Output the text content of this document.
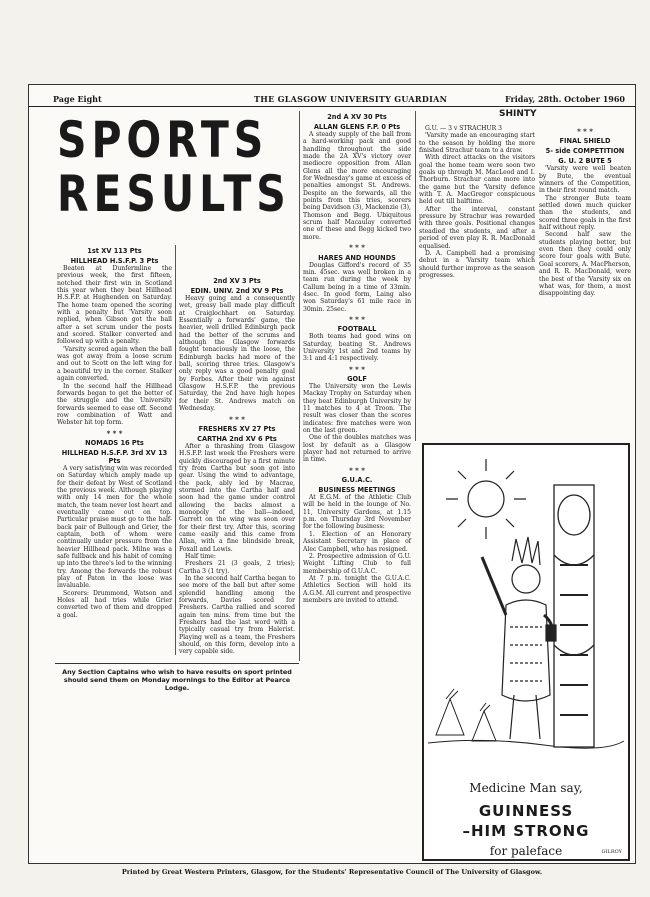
Page Eight	THE GLASGOW UNIVERSITY GUARDIAN	Friday, 28th. October 1960
SPORTS
RESULTS

1st XV 113 Pts

HILLHEAD H.S.F.P. 3 Pts

Beaten at Dunfermline the previous week, the first fifteen, notched their first win in Scotland this year when they beat Hillhead H.S.F.P. at Hughenden on Saturday. The home team opened the scoring with a penalty but 'Varsity soon replied, when Gibson got the ball after a set scrum under the posts and scored. Stalker converted and followed up with a penalty.

'Varsity scored again when the ball was got away from a loose scrum and out to Scott on the left wing for a beautiful try in the corner. Stalker again converted.

In the second half the Hillhead forwards began to get the better of the struggle and the University forwards seemed to ease off. Second row combination of Watt and Webster hit top form.

* * *

NOMADS 16 Pts

HILLHEAD H.S.F.P. 3rd XV 13 Pts

A very satisfying win was recorded on Saturday which amply made up for their defeat by West of Scotland the previous week. Although playing with only 14 men for the whole match, the team never lost heart and eventually came out on top. Particular praise must go to the half-back pair of Bullough and Grier, the captain, both of whom were continually under pressure from the heavier Hillhead pack. Milne was a safe fullback and his habit of coming up into the three's led to the winning try. Among the forwards the robust play of Paton in the loose was invaluable.

Scorers: Drummond, Watson and Holes all had tries while Grier converted two of them and dropped a goal.

2nd XV 3 Pts

EDIN. UNIV. 2nd XV 9 Pts

Heavy going and a consequently wet, greasy ball made play difficult at Craiglochhart on Saturday. Essentially a forwards' game, the heavier, well drilled Edinburgh pack had the better of the scrums and although the Glasgow forwards fought tenaciously in the loose, the Edinburgh backs had more of the ball, scoring three tries. Glasgow's only reply was a good penalty goal by Forbes. After their win against Glasgow H.S.F.P. the previous Saturday, the 2nd have high hopes for their St. Andrews match on Wednesday.

* * *

FRESHERS XV 27 Pts

CARTHA 2nd XV 6 Pts

After a thrashing from Glasgow H.S.F.P. last week the Freshers were quickly discouraged by a first minute try from Cartha but soon got into gear. Using the wind to advantage, the pack, ably led by Macrae, stormed into the Cartha half and soon had the game under control allowing the backs almost a monopoly of the ball—indeed, Garrett on the wing was soon over for their first try. After this, scoring came easily and this came from Allan, with a fine blindside break, Foxall and Lewis.

Half time:

Freshers 21 (3 goals, 2 tries); Cartha 3 (1 try).

In the second half Cartha began to see more of the ball but after some splendid handling among the forwards, Davies scored for Freshers. Cartha rallied and scored again ten mins. from time but the Freshers had the last word with a typically casual try from Halerist. Playing well as a team, the Freshers should, on this form, develop into a very capable side.

2nd A XV 30 Pts

ALLAN GLENS F.P. 0 Pts

A steady supply of the ball from a hard-working pack and good handling throughout the side made the 2A XV's victory over mediocre opposition from Allan Glens all the more encouraging for Wednesday's game at excess of penalties amongst St. Andrews. Despite an the forwards, all the points from this tries, scorers being Davidson (3), Mackenzie (3), Thomson and Begg. Ubiquitous scrum half Macaulay converted one of these and Begg kicked two more.

* * *

HARES AND HOUNDS

Douglas Gifford's record of 35 min. 45sec. was well broken in a team run during the week by Callum being in a time of 33min. 4sec. In good form, Laing also won Saturday's 61 mile race in 30min. 25sec.

* * *

FOOTBALL

Both teams had good wins on Saturday, beating St. Andrews University 1st and 2nd teams by 3:1 and 4:1 respectively.

* * *

GOLF

The University won the Lewis Mackay Trophy on Saturday when they beat Edinburgh University by 11 matches to 4 at Troon. The result was closer than the scores indicates: five matches were won on the last green.

One of the doubles matches was lost by default as a Glasgow player had not returned to arrive in time.

* * *

G.U.A.C.

BUSINESS MEETINGS

At E.G.M. of the Athletic Club will be held in the lounge of No. 11, University Gardens, at 1.15 p.m. on Thursday 3rd November for the following business:

1. Election of an Honorary Assistant Secretary in place of Alec Campbell, who has resigned.

2. Prospective admission of G.U. Weight Lifting Club to full membership of G.U.A.C.

At 7 p.m. tonight the G.U.A.C. Athletics Section will hold its A.G.M. All current and prospective members are invited to attend.

SHINTY

G.U. — 3 v STRACHUR 3

'Varsity made an encouraging start to the season by holding the more finished Strachur team to a draw.

With direct attacks on the visitors goal the home team were soon two goals up through M. MacLeod and I. Thorburn. Strachur came more into the game but the 'Varsity defence with T. A. MacGregor conspicuous held out till halftime.

After the interval, constant pressure by Strachur was rewarded with three goals. Positional changes steadied the students, and after a period of even play R. R. MacDonald equalised.

D. A. Campbell had a promising debut in a 'Varsity team which should further improve as the season progresses.

* * *

FINAL SHIELD

5- side COMPETITION

G. U. 2 BUTE 5

'Varsity were well beaten by Bute, the eventual winners of the Competition, in their first round match.

The stronger Bute team settled down much quicker than the students, and scored three goals in the first half without reply.

Second half saw the students playing better, but even then they could only score four goals with Bute. Goal scorers, A. MacPherson, and R. R. MacDonald, were the best of the 'Varsity six on what was, for them, a most disappointing day.

Any Section Captains who wish to have results on sport printed should send them on Monday mornings to the Editor at Pearce Lodge.
Medicine Man say,
GUINNESS
–HIM STRONG
for paleface	GILROY
Printed by Great Western Printers, Glasgow, for the Students' Representative Council of The University of Glasgow.
